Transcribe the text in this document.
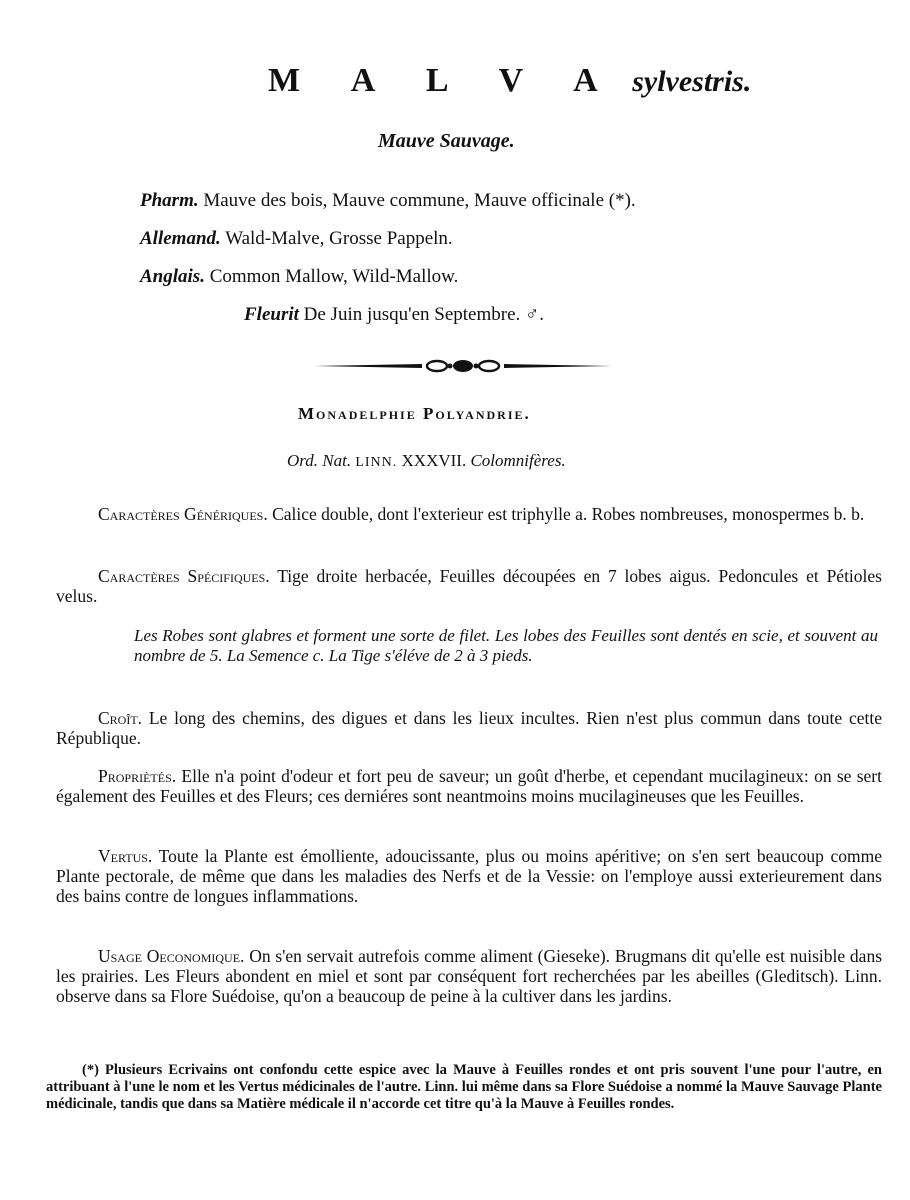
M A L V A sylvestris.
Mauve Sauvage.
Pharm. Mauve des bois, Mauve commune, Mauve officinale (*).
Allemand. Wald-Malve, Grosse Pappeln.
Anglais. Common Mallow, Wild-Mallow.
Fleurit De Juin jusqu'en Septembre. ♂.
Monadelphie Polyandrie.
Ord. Nat. LINN. XXXVII. Colomnifères.
Caractères Génériques. Calice double, dont l'exterieur est triphylle a. Robes nombreuses, monospermes b. b.
Caractères Spécifiques. Tige droite herbacée, Feuilles découpées en 7 lobes aigus. Pedoncules et Pétioles velus.
Les Robes sont glabres et forment une sorte de filet. Les lobes des Feuilles sont dentés en scie, et souvent au nombre de 5. La Semence c. La Tige s'éléve de 2 à 3 pieds.
Croît. Le long des chemins, des digues et dans les lieux incultes. Rien n'est plus commun dans toute cette République.
Propriètés. Elle n'a point d'odeur et fort peu de saveur; un goût d'herbe, et cependant mucilagineux: on se sert également des Feuilles et des Fleurs; ces derniéres sont neantmoins moins mucilagineuses que les Feuilles.
Vertus. Toute la Plante est émolliente, adoucissante, plus ou moins apéritive; on s'en sert beaucoup comme Plante pectorale, de même que dans les maladies des Nerfs et de la Vessie: on l'employe aussi exterieurement dans des bains contre de longues inflammations.
Usage Oeconomique. On s'en servait autrefois comme aliment (Gieseke). Brugmans dit qu'elle est nuisible dans les prairies. Les Fleurs abondent en miel et sont par conséquent fort recherchées par les abeilles (Gleditsch). Linn. observe dans sa Flore Suédoise, qu'on a beaucoup de peine à la cultiver dans les jardins.
(*) Plusieurs Ecrivains ont confondu cette espice avec la Mauve à Feuilles rondes et ont pris souvent l'une pour l'autre, en attribuant à l'une le nom et les Vertus médicinales de l'autre. Linn. lui même dans sa Flore Suédoise a nommé la Mauve Sauvage Plante médicinale, tandis que dans sa Matière médicale il n'accorde cet titre qu'à la Mauve à Feuilles rondes.
